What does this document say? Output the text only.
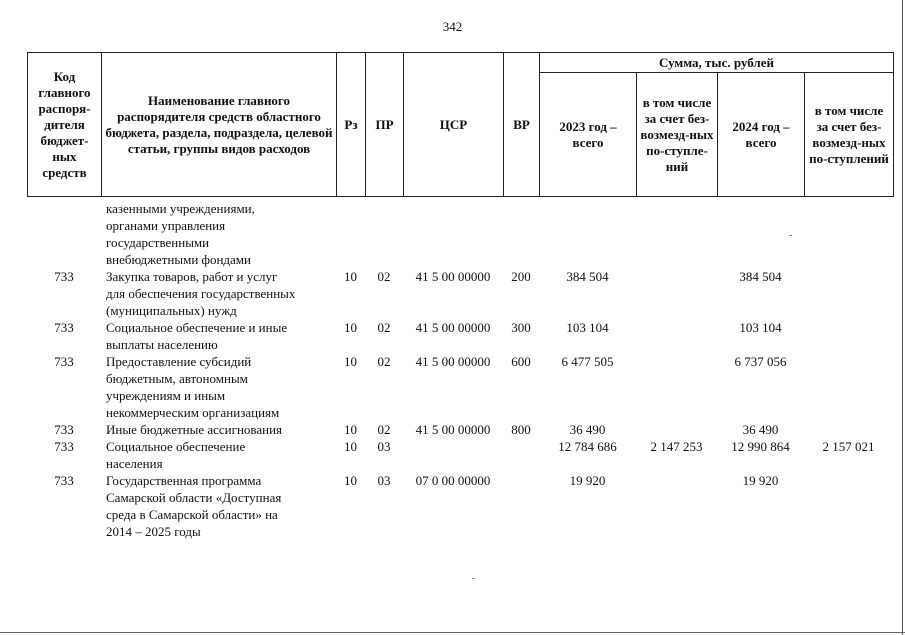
342
Код главного распоря-дителя бюджет-ных средств	Наименование главного распорядителя средств областного бюджета, раздела, подраздела, целевой статьи, группы видов расходов	Рз	ПР	ЦСР	ВР	Сумма, тыс. рублей			
						2023 год – всего	в том числе за счет без-возмезд-ных по-ступле-ний	2024 год – всего	в том числе за счет без-возмезд-ных по-ступлений
	казенными учреждениями,
органами управления
государственными
внебюджетными фондами								
733	Закупка товаров, работ и услуг
для обеспечения государственных
(муниципальных) нужд	10	02	41 5 00 00000	200	384 504		384 504	
733	Социальное обеспечение и иные
выплаты населению	10	02	41 5 00 00000	300	103 104		103 104	
733	Предоставление субсидий
бюджетным, автономным
учреждениям и иным
некоммерческим организациям	10	02	41 5 00 00000	600	6 477 505		6 737 056	
733	Иные бюджетные ассигнования	10	02	41 5 00 00000	800	36 490		36 490	
733	Социальное обеспечение
населения	10	03			12 784 686	2 147 253	12 990 864	2 157 021
733	Государственная программа
Самарской области «Доступная
среда в Самарской области» на
2014 – 2025 годы	10	03	07 0 00 00000		19 920		19 920	
